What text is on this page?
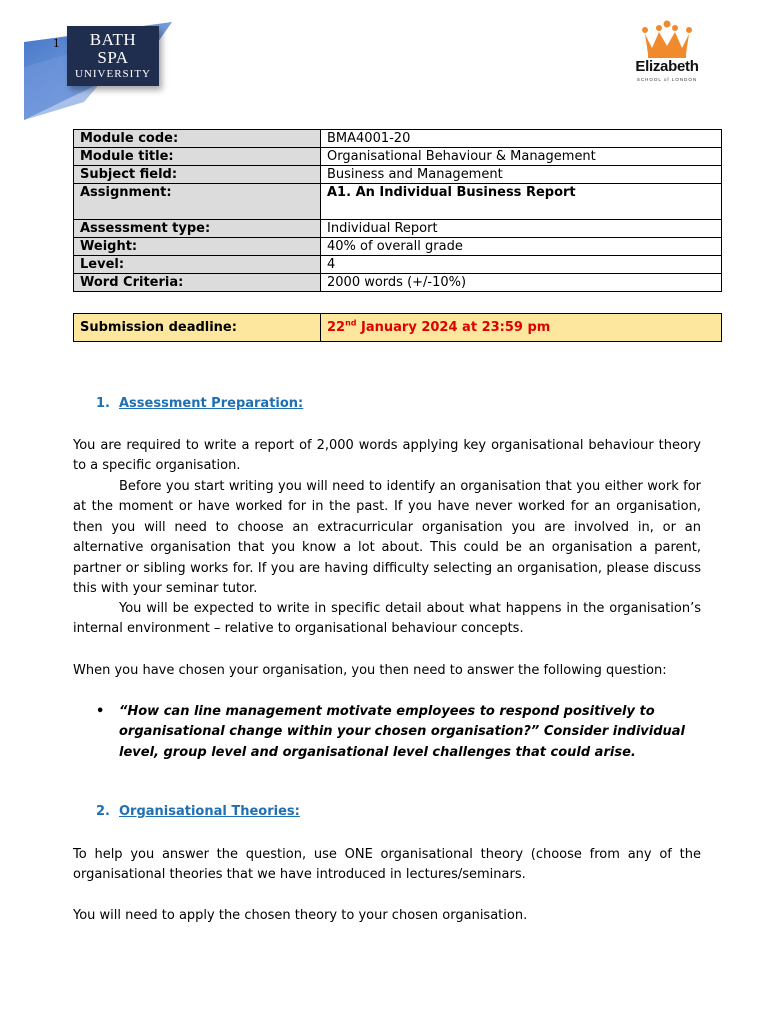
1	BATH
SPA
UNIVERSITY	Elizabeth
SCHOOL of LONDON
Module code:	BMA4001-20
Module title:	Organisational Behaviour & Management
Subject field:	Business and Management
Assignment:	A1. An Individual Business Report
Assessment type:	Individual Report
Weight:	40% of overall grade
Level:	4
Word Criteria:	2000 words (+/-10%)
Submission deadline:	22nd January 2024 at 23:59 pm
1. Assessment Preparation:

You are required to write a report of 2,000 words applying key organisational behaviour theory to a specific organisation.

Before you start writing you will need to identify an organisation that you either work for at the moment or have worked for in the past. If you have never worked for an organisation, then you will need to choose an extracurricular organisation you are involved in, or an alternative organisation that you know a lot about. This could be an organisation a parent, partner or sibling works for. If you are having difficulty selecting an organisation, please discuss this with your seminar tutor.

You will be expected to write in specific detail about what happens in the organisation’s internal environment – relative to organisational behaviour concepts.

When you have chosen your organisation, you then need to answer the following question:

• “How can line management motivate employees to respond positively to organisational change within your chosen organisation?” Consider individual level, group level and organisational level challenges that could arise.
2. Organisational Theories:

To help you answer the question, use ONE organisational theory (choose from any of the organisational theories that we have introduced in lectures/seminars.

You will need to apply the chosen theory to your chosen organisation.
